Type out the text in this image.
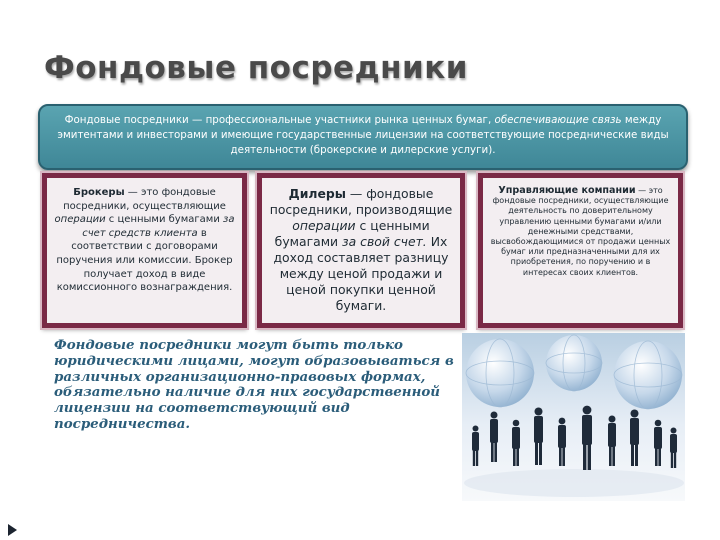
Фондовые посредники
Фондовые посредники — профессиональные участники рынка ценных бумаг, обеспечивающие связь между эмитентами и инвесторами и имеющие государственные лицензии на соответствующие посреднические виды деятельности (брокерские и дилерские услуги).
Брокеры — это фондовые посредники, осуществляющие операции с ценными бумагами за счет средств клиента в соответствии с договорами поручения или комиссии. Брокер получает доход в виде комиссионного вознаграждения.
Дилеры — фондовые посредники, производящие операции с ценными бумагами за свой счет. Их доход составляет разницу между ценой продажи и ценой покупки ценной бумаги.
Управляющие компании — это фондовые посредники, осуществляющие деятельность по доверительному управлению ценными бумагами и/или денежными средствами, высвобождающимися от продажи ценных бумаг или предназначенными для их приобретения, по поручению и в интересах своих клиентов.
Фондовые посредники могут быть только юридическими лицами, могут образовываться в различных организационно-правовых формах, обязательно наличие для них государственной лицензии на соответствующий вид посредничества.
